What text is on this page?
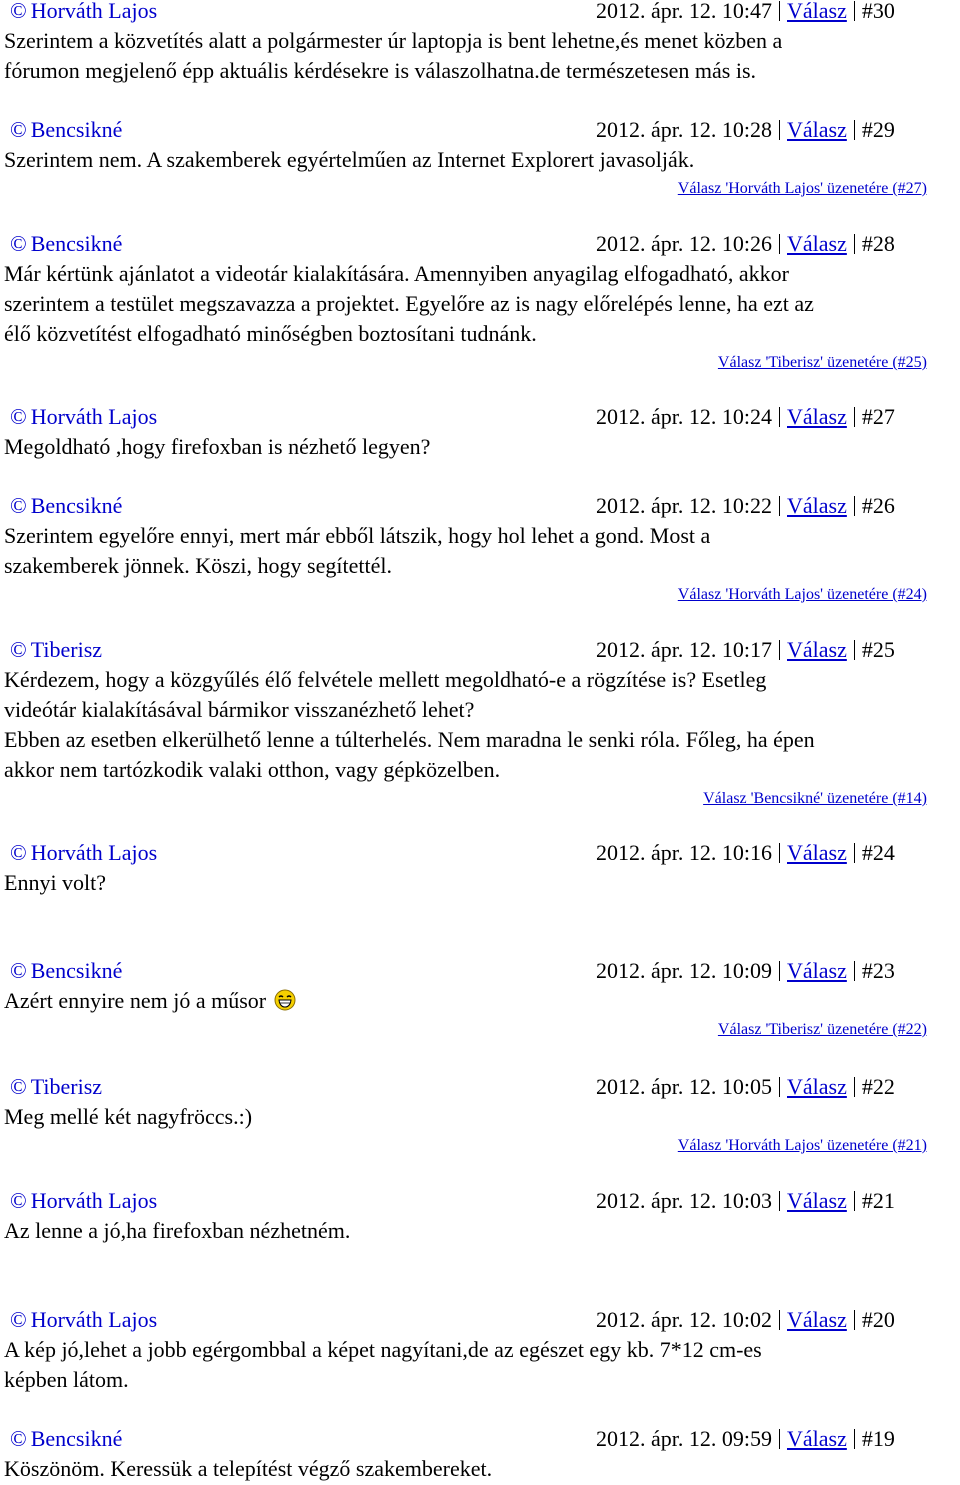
© Horváth Lajos	2012. ápr. 12. 10:47 Válasz #30

Szerintem a közvetítés alatt a polgármester úr laptopja is bent lehetne,és menet közben a

fórumon megjelenő épp aktuális kérdésekre is válaszolhatna.de természetesen más is.

© Bencsikné	2012. ápr. 12. 10:28 Válasz #29

Szerintem nem. A szakemberek egyértelműen az Internet Explorert javasolják.

Válasz 'Horváth Lajos' üzenetére (#27)
© Bencsikné	2012. ápr. 12. 10:26 Válasz #28

Már kértünk ajánlatot a videotár kialakítására. Amennyiben anyagilag elfogadható, akkor

szerintem a testület megszavazza a projektet. Egyelőre az is nagy előrelépés lenne, ha ezt az

élő közvetítést elfogadható minőségben boztosítani tudnánk.

Válasz 'Tiberisz' üzenetére (#25)
© Horváth Lajos	2012. ápr. 12. 10:24 Válasz #27

Megoldható ,hogy firefoxban is nézhető legyen?

© Bencsikné	2012. ápr. 12. 10:22 Válasz #26

Szerintem egyelőre ennyi, mert már ebből látszik, hogy hol lehet a gond. Most a

szakemberek jönnek. Köszi, hogy segítettél.

Válasz 'Horváth Lajos' üzenetére (#24)
© Tiberisz	2012. ápr. 12. 10:17 Válasz #25

Kérdezem, hogy a közgyűlés élő felvétele mellett megoldható-e a rögzítése is? Esetleg

videótár kialakításával bármikor visszanézhető lehet?

Ebben az esetben elkerülhető lenne a túlterhelés. Nem maradna le senki róla. Főleg, ha épen

akkor nem tartózkodik valaki otthon, vagy gépközelben.

Válasz 'Bencsikné' üzenetére (#14)
© Horváth Lajos	2012. ápr. 12. 10:16 Válasz #24

Ennyi volt?

© Bencsikné	2012. ápr. 12. 10:09 Válasz #23

Azért ennyire nem jó a műsor

Válasz 'Tiberisz' üzenetére (#22)
© Tiberisz	2012. ápr. 12. 10:05 Válasz #22

Meg mellé két nagyfröccs.:)

Válasz 'Horváth Lajos' üzenetére (#21)
© Horváth Lajos	2012. ápr. 12. 10:03 Válasz #21

Az lenne a jó,ha firefoxban nézhetném.

© Horváth Lajos	2012. ápr. 12. 10:02 Válasz #20

A kép jó,lehet a jobb egérgombbal a képet nagyítani,de az egészet egy kb. 7*12 cm-es

képben látom.

© Bencsikné	2012. ápr. 12. 09:59 Válasz #19

Köszönöm. Keressük a telepítést végző szakembereket.
